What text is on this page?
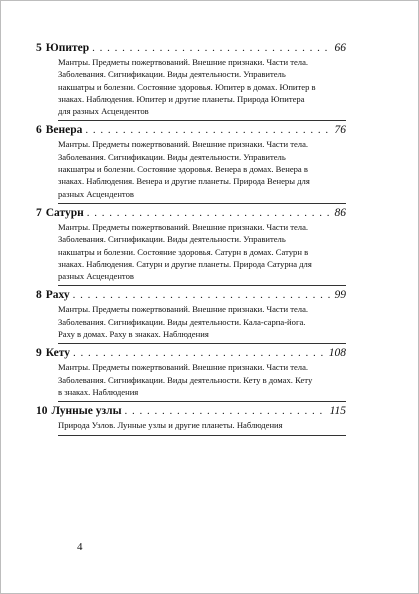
5 Юпитер . . .	66
Мантры. Предметы пожертвований. Внешние признаки. Части тела. Заболевания. Сигнификации. Виды деятельности. Управитель накшатры и болезни. Состояние здоровья. Юпитер в домах. Юпитер в знаках. Наблюдения. Юпитер и другие планеты. Природа Юпитера для разных Асцендентов
6 Венера . . .	76
Мантры. Предметы пожертвований. Внешние признаки. Части тела. Заболевания. Сигнификации. Виды деятельности. Управитель накшатры и болезни. Состояние здоровья. Венера в домах. Венера в знаках. Наблюдения. Венера и другие планеты. Природа Венеры для разных Асцендентов
7 Сатурн . . .	86
Мантры. Предметы пожертвований. Внешние признаки. Части тела. Заболевания. Сигнификации. Виды деятельности. Управитель накшатры и болезни. Состояние здоровья. Сатурн в домах. Сатурн в знаках. Наблюдения. Сатурн и другие планеты. Природа Сатурна для разных Асцендентов
8 Раху . . .	99
Мантры. Предметы пожертвований. Внешние признаки. Части тела. Заболевания. Сигнификации. Виды деятельности. Кала-сарпа-йога. Раху в домах. Раху в знаках. Наблюдения
9 Кету . . .	108
Мантры. Предметы пожертвований. Внешние признаки. Части тела. Заболевания. Сигнификации. Виды деятельности. Кету в домах. Кету в знаках. Наблюдения
10 Лунные узлы . . .	115
Природа Узлов. Лунные узлы и другие планеты. Наблюдения
4
